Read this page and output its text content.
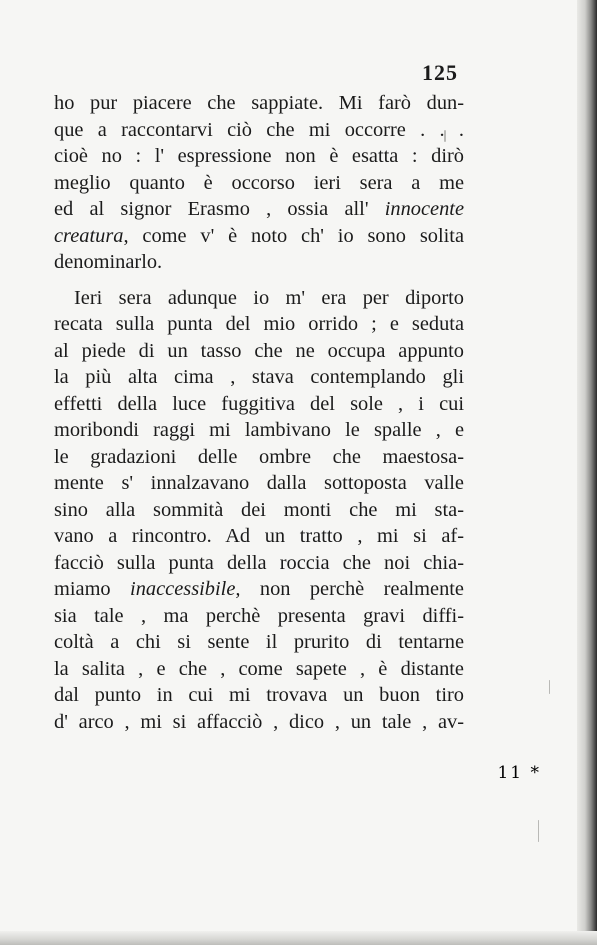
125
ho pur piacere che sappiate. Mi farò dun-
que a raccontarvi ciò che mi occorre . . .
cioè no : l' espressione non è esatta : dirò
meglio quanto è occorso ieri sera a me
ed al signor Erasmo , ossia all' innocente
creatura, come v' è noto ch' io sono solita
denominarlo.
Ieri sera adunque io m' era per diporto
recata sulla punta del mio orrido ; e seduta
al piede di un tasso che ne occupa appunto
la più alta cima , stava contemplando gli
effetti della luce fuggitiva del sole , i cui
moribondi raggi mi lambivano le spalle , e
le gradazioni delle ombre che maestosa-
mente s' innalzavano dalla sottoposta valle
sino alla sommità dei monti che mi sta-
vano a rincontro. Ad un tratto , mi si af-
facciò sulla punta della roccia che noi chia-
miamo inaccessibile, non perchè realmente
sia tale , ma perchè presenta gravi diffi-
coltà a chi si sente il prurito di tentarne
la salita , e che , come sapete , è distante
dal punto in cui mi trovava un buon tiro
d' arco , mi si affacciò , dico , un tale , av-
11 *
